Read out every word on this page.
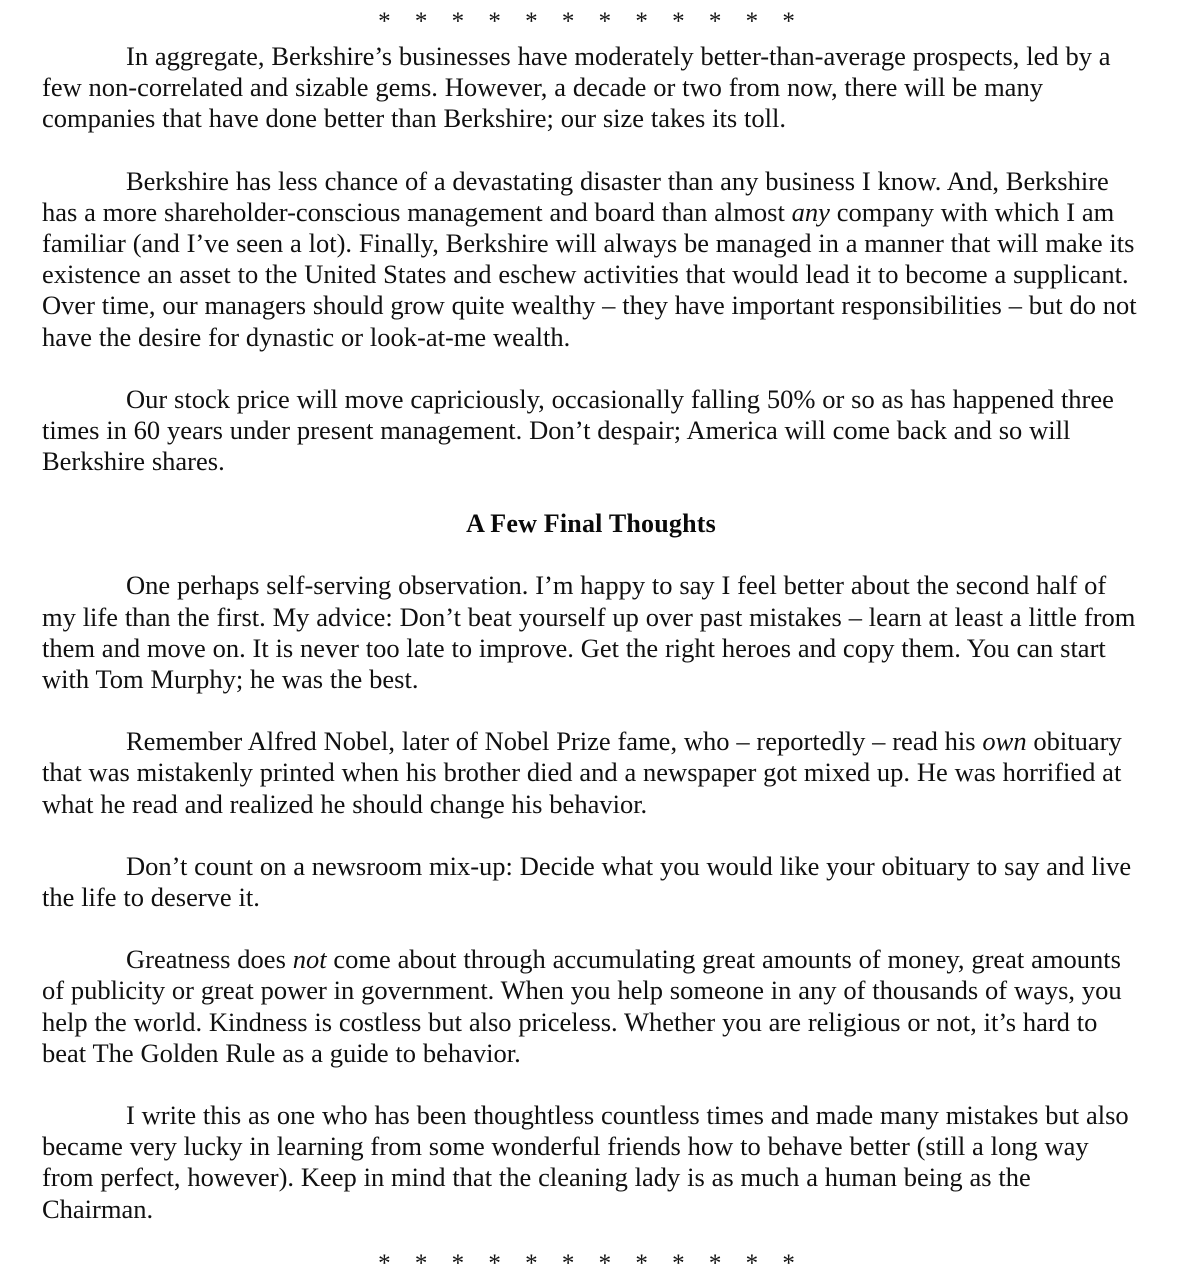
* * * * * * * * * * * *

In aggregate, Berkshire’s businesses have moderately better-than-average prospects, led by a few non-correlated and sizable gems. However, a decade or two from now, there will be many companies that have done better than Berkshire; our size takes its toll.

Berkshire has less chance of a devastating disaster than any business I know. And, Berkshire has a more shareholder-conscious management and board than almost any company with which I am familiar (and I’ve seen a lot). Finally, Berkshire will always be managed in a manner that will make its existence an asset to the United States and eschew activities that would lead it to become a supplicant. Over time, our managers should grow quite wealthy – they have important responsibilities – but do not have the desire for dynastic or look-at-me wealth.

Our stock price will move capriciously, occasionally falling 50% or so as has happened three times in 60 years under present management. Don’t despair; America will come back and so will Berkshire shares.

A Few Final Thoughts

One perhaps self-serving observation. I’m happy to say I feel better about the second half of my life than the first. My advice: Don’t beat yourself up over past mistakes – learn at least a little from them and move on. It is never too late to improve. Get the right heroes and copy them. You can start with Tom Murphy; he was the best.

Remember Alfred Nobel, later of Nobel Prize fame, who – reportedly – read his own obituary that was mistakenly printed when his brother died and a newspaper got mixed up. He was horrified at what he read and realized he should change his behavior.

Don’t count on a newsroom mix-up: Decide what you would like your obituary to say and live the life to deserve it.

Greatness does not come about through accumulating great amounts of money, great amounts of publicity or great power in government. When you help someone in any of thousands of ways, you help the world. Kindness is costless but also priceless. Whether you are religious or not, it’s hard to beat The Golden Rule as a guide to behavior.

I write this as one who has been thoughtless countless times and made many mistakes but also became very lucky in learning from some wonderful friends how to behave better (still a long way from perfect, however). Keep in mind that the cleaning lady is as much a human being as the Chairman.

* * * * * * * * * * * *
